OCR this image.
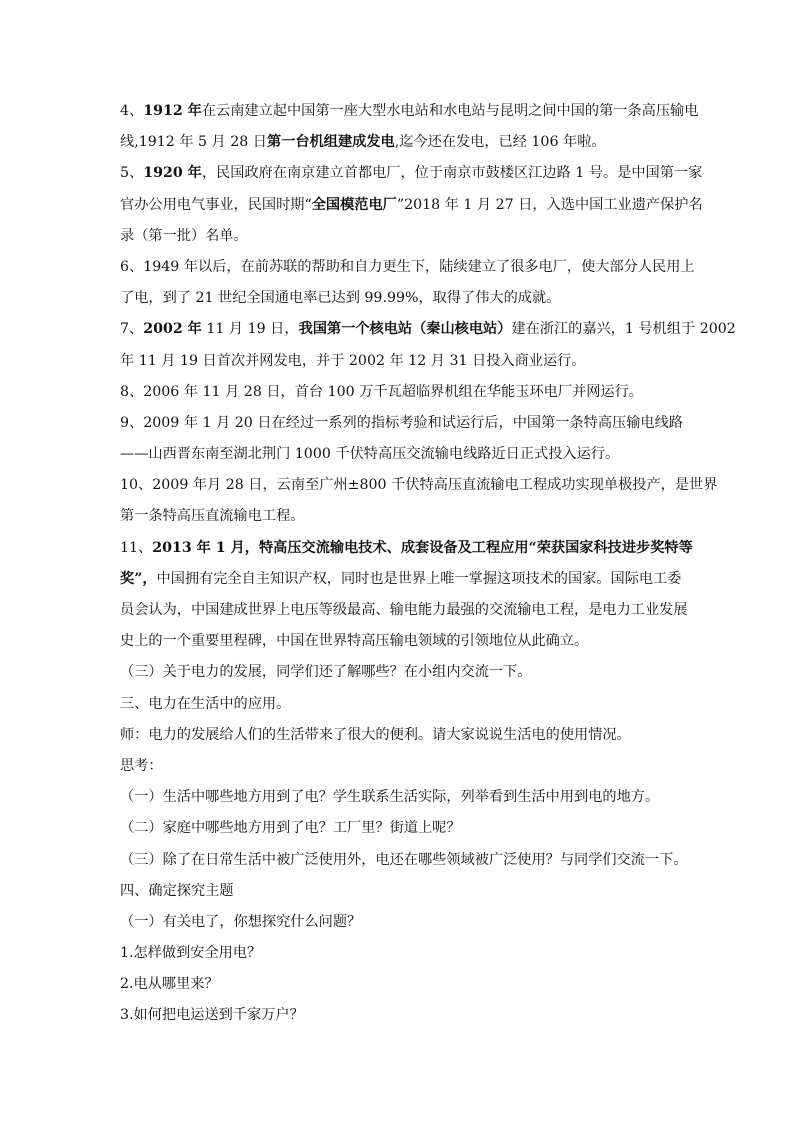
4、1912 年在云南建立起中国第一座大型水电站和水电站与昆明之间中国的第一条高压输电
线,1912 年 5 月 28 日第一台机组建成发电,迄今还在发电，已经 106 年啦。
5、1920 年，民国政府在南京建立首都电厂，位于南京市鼓楼区江边路 1 号。是中国第一家
官办公用电气事业，民国时期“全国模范电厂”2018 年 1 月 27 日，入选中国工业遗产保护名
录（第一批）名单。
6、1949 年以后，在前苏联的帮助和自力更生下，陆续建立了很多电厂，使大部分人民用上
了电，到了 21 世纪全国通电率已达到 99.99%，取得了伟大的成就。
7、2002 年 11 月 19 日，我国第一个核电站（秦山核电站）建在浙江的嘉兴，1 号机组于 2002
年 11 月 19 日首次并网发电，并于 2002 年 12 月 31 日投入商业运行。
8、2006 年 11 月 28 日，首台 100 万千瓦超临界机组在华能玉环电厂并网运行。
9、2009 年 1 月 20 日在经过一系列的指标考验和试运行后，中国第一条特高压输电线路
——山西晋东南至湖北荆门 1000 千伏特高压交流输电线路近日正式投入运行。
10、2009 年月 28 日，云南至广州±800 千伏特高压直流输电工程成功实现单极投产，是世界
第一条特高压直流输电工程。
11、2013 年 1 月，特高压交流输电技术、成套设备及工程应用“荣获国家科技进步奖特等
奖”，中国拥有完全自主知识产权，同时也是世界上唯一掌握这项技术的国家。国际电工委
员会认为，中国建成世界上电压等级最高、输电能力最强的交流输电工程，是电力工业发展
史上的一个重要里程碑，中国在世界特高压输电领域的引领地位从此确立。
（三）关于电力的发展，同学们还了解哪些？在小组内交流一下。
三、电力在生活中的应用。
师：电力的发展给人们的生活带来了很大的便利。请大家说说生活电的使用情况。
思考：
（一）生活中哪些地方用到了电？学生联系生活实际，列举看到生活中用到电的地方。
（二）家庭中哪些地方用到了电？工厂里？街道上呢？
（三）除了在日常生活中被广泛使用外，电还在哪些领域被广泛使用？与同学们交流一下。
四、确定探究主题
（一）有关电了，你想探究什么问题？
1.怎样做到安全用电？
2.电从哪里来？
3.如何把电运送到千家万户？
